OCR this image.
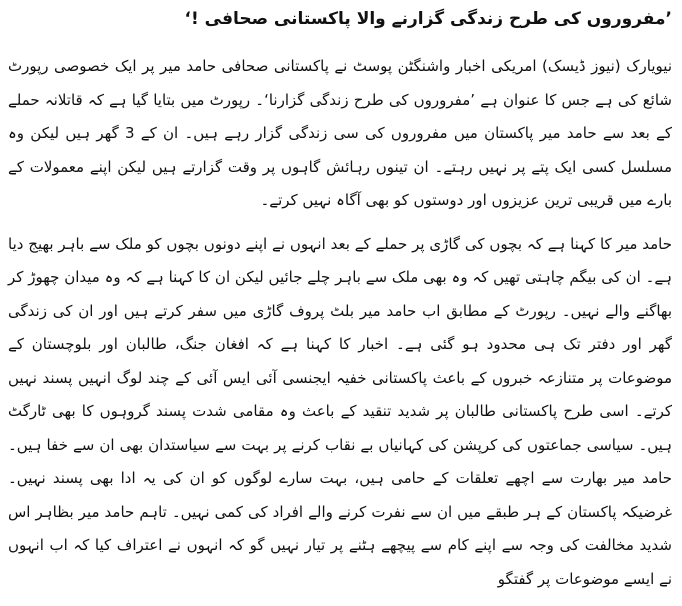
’مفروروں کی طرح زندگی گزارنے والا پاکستانی صحافی !‘

نیویارک (نیوز ڈیسک) امریکی اخبار واشنگٹن پوسٹ نے پاکستانی صحافی حامد میر پر ایک خصوصی رپورٹ شائع کی ہے جس کا عنوان ہے ’مفروروں کی طرح زندگی گزارنا‘۔ رپورٹ میں بتایا گیا ہے کہ قاتلانہ حملے کے بعد سے حامد میر پاکستان میں مفروروں کی سی زندگی گزار رہے ہیں۔ ان کے 3 گھر ہیں لیکن وہ مسلسل کسی ایک پتے پر نہیں رہتے۔ ان تینوں رہائش گاہوں پر وقت گزارتے ہیں لیکن اپنے معمولات کے بارے میں قریبی ترین عزیزوں اور دوستوں کو بھی آگاہ نہیں کرتے۔

حامد میر کا کہنا ہے کہ بچوں کی گاڑی پر حملے کے بعد انہوں نے اپنے دونوں بچوں کو ملک سے باہر بھیج دیا ہے۔ ان کی بیگم چاہتی تھیں کہ وہ بھی ملک سے باہر چلے جائیں لیکن ان کا کہنا ہے کہ وہ میدان چھوڑ کر بھاگنے والے نہیں۔ رپورٹ کے مطابق اب حامد میر بلٹ پروف گاڑی میں سفر کرتے ہیں اور ان کی زندگی گھر اور دفتر تک ہی محدود ہو گئی ہے۔ اخبار کا کہنا ہے کہ افغان جنگ، طالبان اور بلوچستان کے موضوعات پر متنازعہ خبروں کے باعث پاکستانی خفیہ ایجنسی آئی ایس آئی کے چند لوگ انہیں پسند نہیں کرتے۔ اسی طرح پاکستانی طالبان پر شدید تنقید کے باعث وہ مقامی شدت پسند گروہوں کا بھی ٹارگٹ ہیں۔ سیاسی جماعتوں کی کرپشن کی کہانیاں بے نقاب کرنے پر بہت سے سیاستدان بھی ان سے خفا ہیں۔ حامد میر بھارت سے اچھے تعلقات کے حامی ہیں، بہت سارے لوگوں کو ان کی یہ ادا بھی پسند نہیں۔ غرضیکہ پاکستان کے ہر طبقے میں ان سے نفرت کرنے والے افراد کی کمی نہیں۔ تاہم حامد میر بظاہر اس شدید مخالفت کی وجہ سے اپنے کام سے پیچھے ہٹنے پر تیار نہیں گو کہ انہوں نے اعتراف کیا کہ اب انہوں نے ایسے موضوعات پر گفتگو
